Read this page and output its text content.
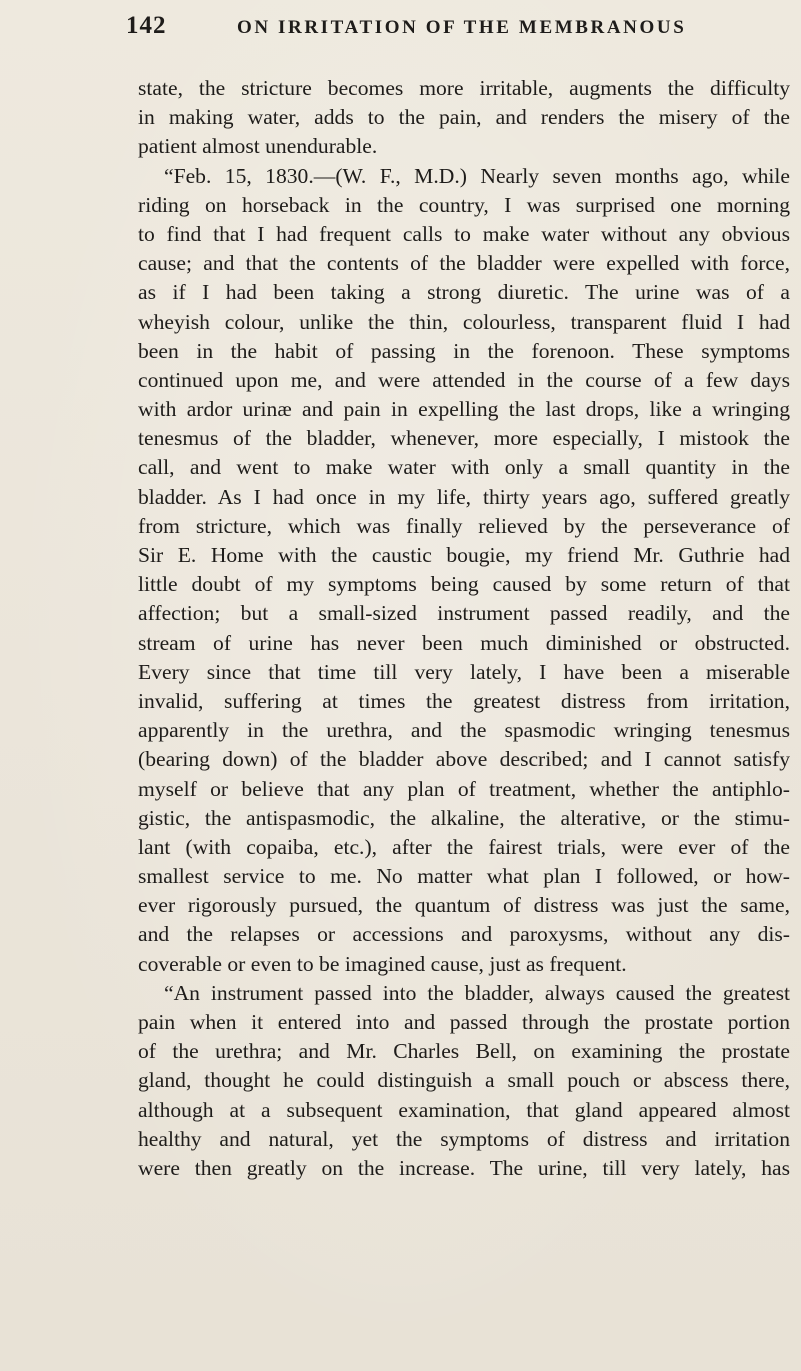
142	ON IRRITATION OF THE MEMBRANOUS
state, the stricture becomes more irritable, augments the difficulty
in making water, adds to the pain, and renders the misery of the
patient almost unendurable.
“Feb. 15, 1830.—(W. F., M.D.) Nearly seven months ago, while
riding on horseback in the country, I was surprised one morning
to find that I had frequent calls to make water without any obvious
cause; and that the contents of the bladder were expelled with force,
as if I had been taking a strong diuretic. The urine was of a
wheyish colour, unlike the thin, colourless, transparent fluid I had
been in the habit of passing in the forenoon. These symptoms
continued upon me, and were attended in the course of a few days
with ardor urinæ and pain in expelling the last drops, like a wringing
tenesmus of the bladder, whenever, more especially, I mistook the
call, and went to make water with only a small quantity in the
bladder. As I had once in my life, thirty years ago, suffered greatly
from stricture, which was finally relieved by the perseverance of
Sir E. Home with the caustic bougie, my friend Mr. Guthrie had
little doubt of my symptoms being caused by some return of that
affection; but a small-sized instrument passed readily, and the
stream of urine has never been much diminished or obstructed.
Every since that time till very lately, I have been a miserable
invalid, suffering at times the greatest distress from irritation,
apparently in the urethra, and the spasmodic wringing tenesmus
(bearing down) of the bladder above described; and I cannot satisfy
myself or believe that any plan of treatment, whether the antiphlo-
gistic, the antispasmodic, the alkaline, the alterative, or the stimu-
lant (with copaiba, etc.), after the fairest trials, were ever of the
smallest service to me. No matter what plan I followed, or how-
ever rigorously pursued, the quantum of distress was just the same,
and the relapses or accessions and paroxysms, without any dis-
coverable or even to be imagined cause, just as frequent.
“An instrument passed into the bladder, always caused the greatest
pain when it entered into and passed through the prostate portion
of the urethra; and Mr. Charles Bell, on examining the prostate
gland, thought he could distinguish a small pouch or abscess there,
although at a subsequent examination, that gland appeared almost
healthy and natural, yet the symptoms of distress and irritation
were then greatly on the increase. The urine, till very lately, has
